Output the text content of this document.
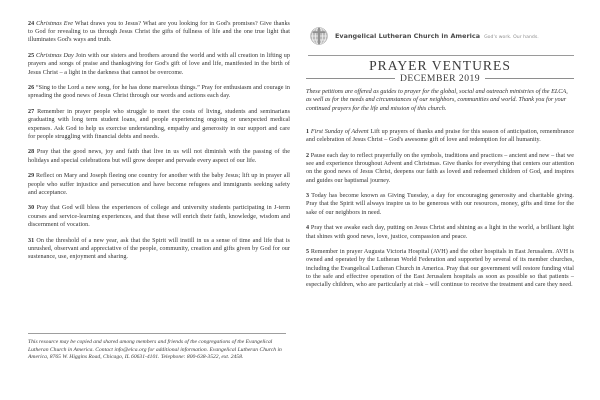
24 Christmas Eve What draws you to Jesus? What are you looking for in God's promises? Give thanks to God for revealing to us through Jesus Christ the gifts of fullness of life and the one true light that illuminates God's ways and truth.

25 Christmas Day Join with our sisters and brothers around the world and with all creation in lifting up prayers and songs of praise and thanksgiving for God's gift of love and life, manifested in the birth of Jesus Christ – a light in the darkness that cannot be overcome.

26 “Sing to the Lord a new song, for he has done marvelous things.” Pray for enthusiasm and courage in spreading the good news of Jesus Christ through our words and actions each day.

27 Remember in prayer people who struggle to meet the costs of living, students and seminarians graduating with long term student loans, and people experiencing ongoing or unexpected medical expenses. Ask God to help us exercise understanding, empathy and generosity in our support and care for people struggling with financial debts and needs.

28 Pray that the good news, joy and faith that live in us will not diminish with the passing of the holidays and special celebrations but will grow deeper and pervade every aspect of our life.

29 Reflect on Mary and Joseph fleeing one country for another with the baby Jesus; lift up in prayer all people who suffer injustice and persecution and have become refugees and immigrants seeking safety and acceptance.

30 Pray that God will bless the experiences of college and university students participating in J-term courses and service-learning experiences, and that these will enrich their faith, knowledge, wisdom and discernment of vocation.

31 On the threshold of a new year, ask that the Spirit will instill in us a sense of time and life that is unrushed, observant and appreciative of the people, community, creation and gifts given by God for our sustenance, use, enjoyment and sharing.

Evangelical Lutheran Church in America God's work. Our hands.
PRAYER VENTURES
DECEMBER 2019
These petitions are offered as guides to prayer for the global, social and outreach ministries of the ELCA, as well as for the needs and circumstances of our neighbors, communities and world. Thank you for your continued prayers for the life and mission of this church.

1 First Sunday of Advent Lift up prayers of thanks and praise for this season of anticipation, remembrance and celebration of Jesus Christ – God's awesome gift of love and redemption for all humanity.

2 Pause each day to reflect prayerfully on the symbols, traditions and practices – ancient and new – that we see and experience throughout Advent and Christmas. Give thanks for everything that centers our attention on the good news of Jesus Christ, deepens our faith as loved and redeemed children of God, and inspires and guides our baptismal journey.

3 Today has become known as Giving Tuesday, a day for encouraging generosity and charitable giving. Pray that the Spirit will always inspire us to be generous with our resources, money, gifts and time for the sake of our neighbors in need.

4 Pray that we awake each day, putting on Jesus Christ and shining as a light in the world, a brilliant light that shines with good news, love, justice, compassion and peace.

5 Remember in prayer Augusta Victoria Hospital (AVH) and the other hospitals in East Jerusalem. AVH is owned and operated by the Lutheran World Federation and supported by several of its member churches, including the Evangelical Lutheran Church in America. Pray that our government will restore funding vital to the safe and effective operation of the East Jerusalem hospitals as soon as possible so that patients – especially children, who are particularly at risk – will continue to receive the treatment and care they need.

This resource may be copied and shared among members and friends of the congregations of the Evangelical Lutheran Church in America. Contact info@elca.org for additional information. Evangelical Lutheran Church in America, 8765 W. Higgins Road, Chicago, IL 60631-4101. Telephone: 800-638-3522, ext. 2458.
